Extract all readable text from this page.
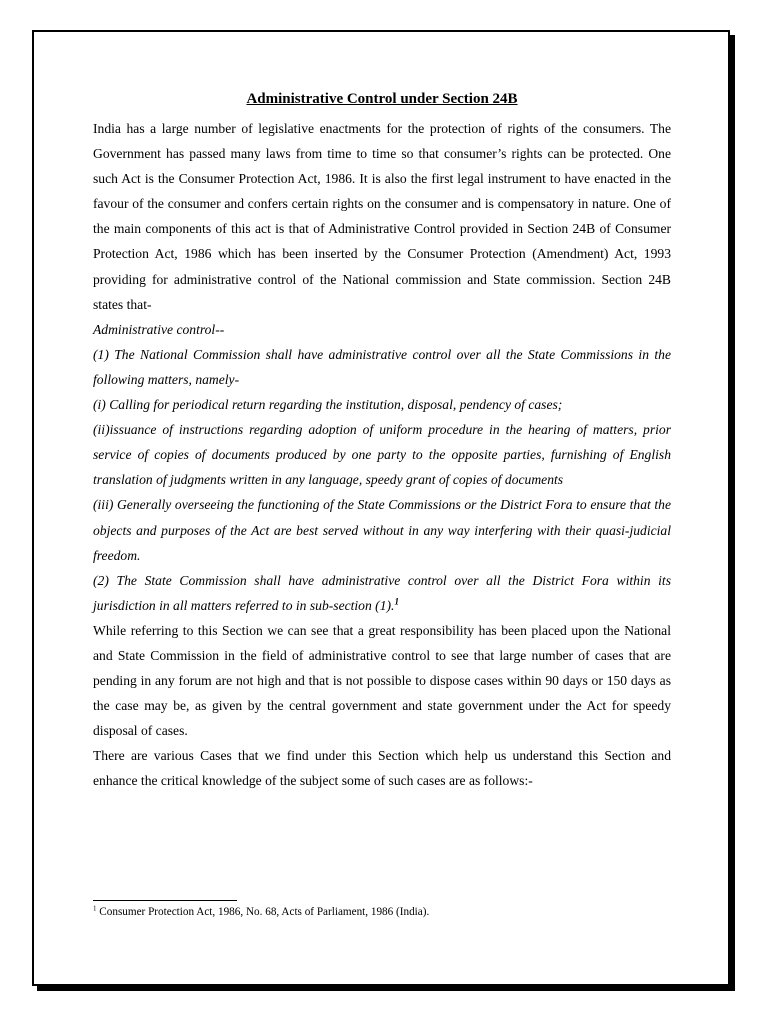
Administrative Control under Section 24B

India has a large number of legislative enactments for the protection of rights of the consumers. The Government has passed many laws from time to time so that consumer’s rights can be protected. One such Act is the Consumer Protection Act, 1986. It is also the first legal instrument to have enacted in the favour of the consumer and confers certain rights on the consumer and is compensatory in nature. One of the main components of this act is that of Administrative Control provided in Section 24B of Consumer Protection Act, 1986 which has been inserted by the Consumer Protection (Amendment) Act, 1993 providing for administrative control of the National commission and State commission. Section 24B states that-

Administrative control--

(1) The National Commission shall have administrative control over all the State Commissions in the following matters, namely-

(i) Calling for periodical return regarding the institution, disposal, pendency of cases;

(ii)issuance of instructions regarding adoption of uniform procedure in the hearing of matters, prior service of copies of documents produced by one party to the opposite parties, furnishing of English translation of judgments written in any language, speedy grant of copies of documents

(iii) Generally overseeing the functioning of the State Commissions or the District Fora to ensure that the objects and purposes of the Act are best served without in any way interfering with their quasi-judicial freedom.

(2) The State Commission shall have administrative control over all the District Fora within its jurisdiction in all matters referred to in sub-section (1).$^1$

While referring to this Section we can see that a great responsibility has been placed upon the National and State Commission in the field of administrative control to see that large number of cases that are pending in any forum are not high and that is not possible to dispose cases within 90 days or 150 days as the case may be, as given by the central government and state government under the Act for speedy disposal of cases.

There are various Cases that we find under this Section which help us understand this Section and enhance the critical knowledge of the subject some of such cases are as follows:-

$^1$ Consumer Protection Act, 1986, No. 68, Acts of Parliament, 1986 (India).
